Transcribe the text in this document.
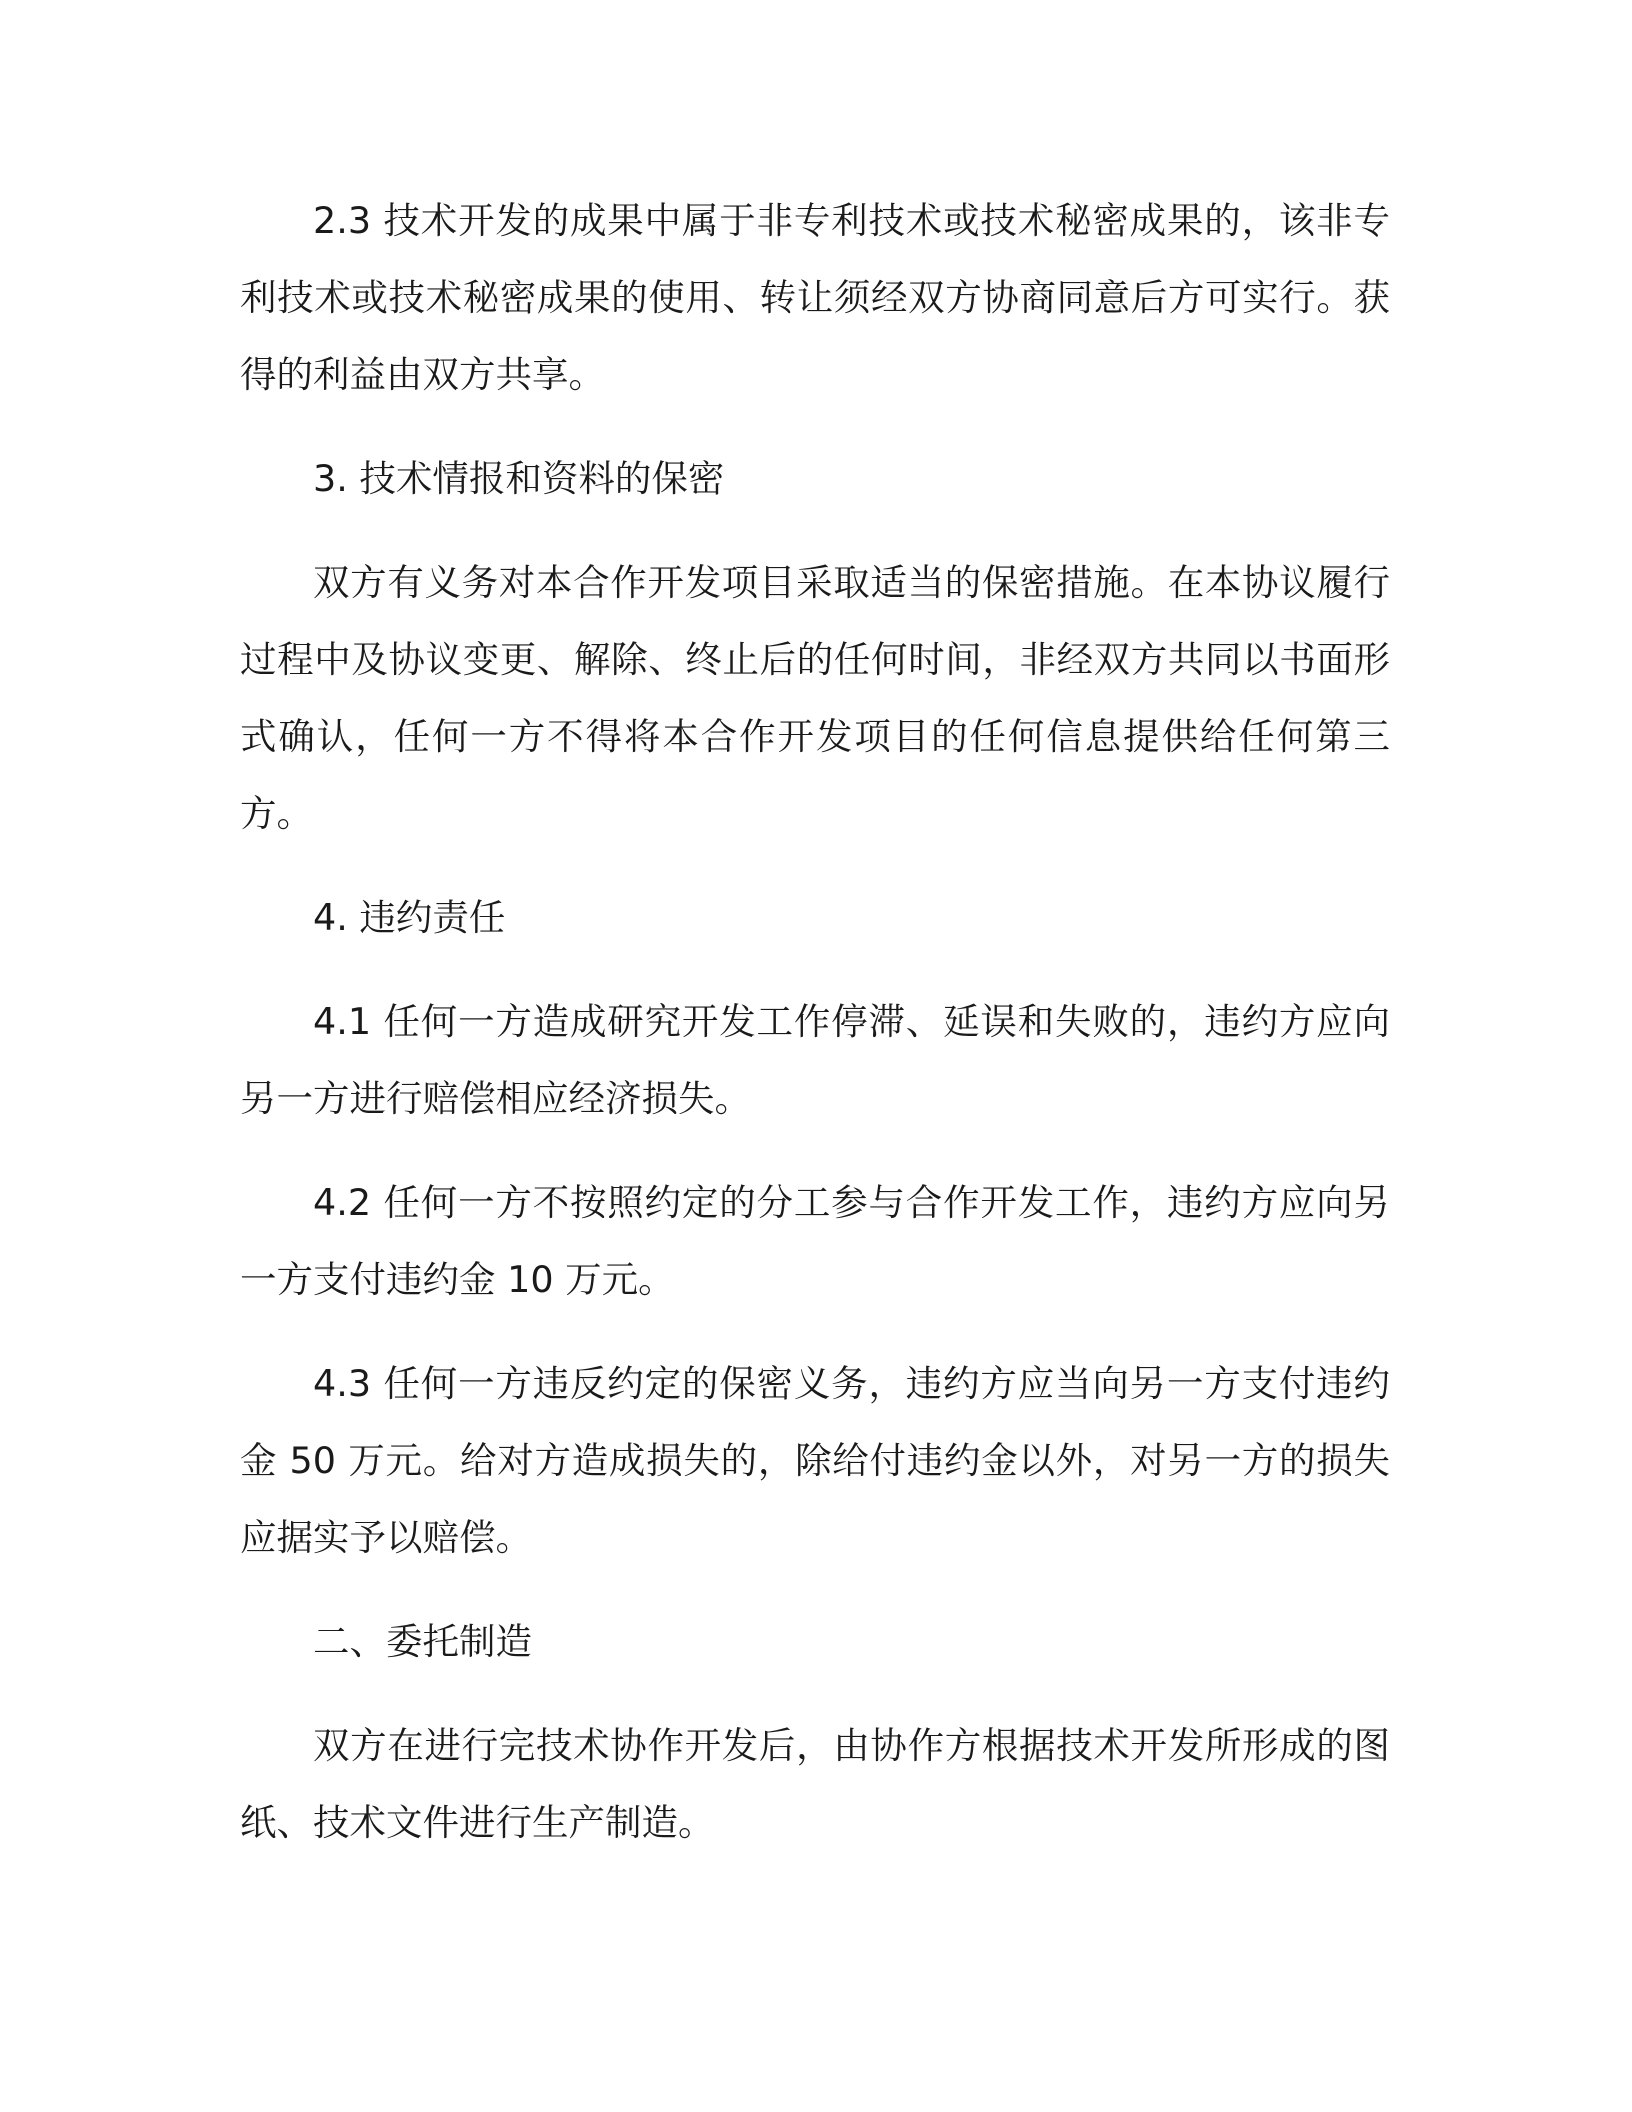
2.3 技术开发的成果中属于非专利技术或技术秘密成果的，该非专利技术或技术秘密成果的使用、转让须经双方协商同意后方可实行。获得的利益由双方共享。

3. 技术情报和资料的保密

双方有义务对本合作开发项目采取适当的保密措施。在本协议履行过程中及协议变更、解除、终止后的任何时间，非经双方共同以书面形式确认，任何一方不得将本合作开发项目的任何信息提供给任何第三方。

4. 违约责任

4.1 任何一方造成研究开发工作停滞、延误和失败的，违约方应向另一方进行赔偿相应经济损失。

4.2 任何一方不按照约定的分工参与合作开发工作，违约方应向另一方支付违约金 10 万元。

4.3 任何一方违反约定的保密义务，违约方应当向另一方支付违约金 50 万元。给对方造成损失的，除给付违约金以外，对另一方的损失应据实予以赔偿。

二、委托制造

双方在进行完技术协作开发后，由协作方根据技术开发所形成的图纸、技术文件进行生产制造。
